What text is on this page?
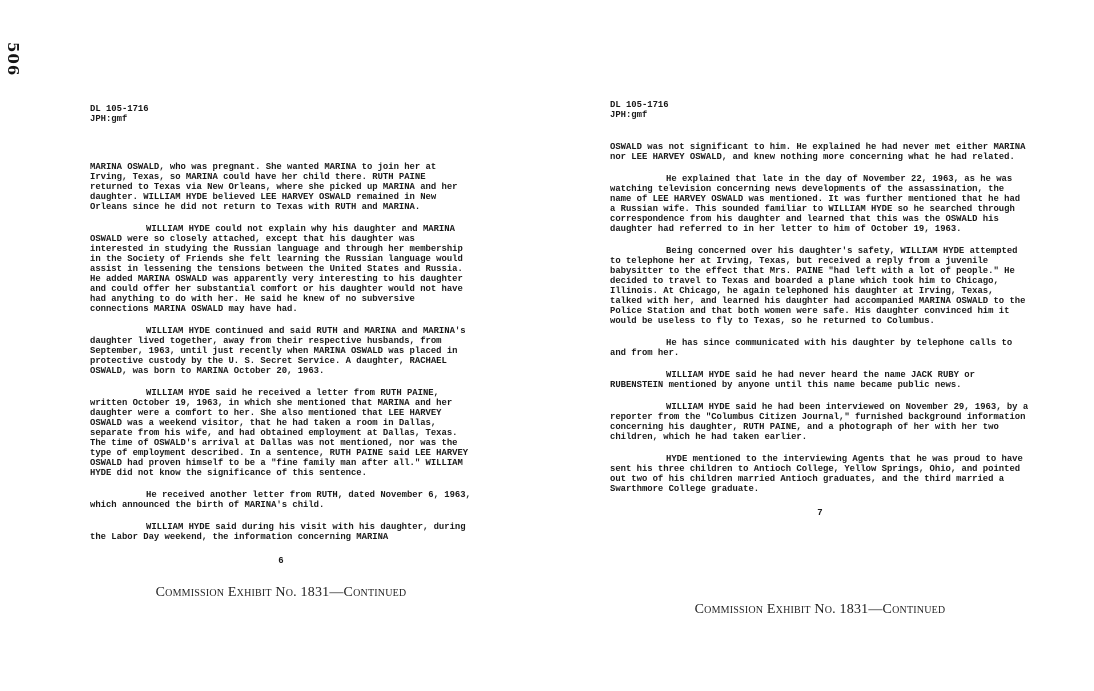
506
DL 105-1716
JPH:gmf

MARINA OSWALD, who was pregnant. She wanted MARINA to join her at Irving, Texas, so MARINA could have her child there. RUTH PAINE returned to Texas via New Orleans, where she picked up MARINA and her daughter. WILLIAM HYDE believed LEE HARVEY OSWALD remained in New Orleans since he did not return to Texas with RUTH and MARINA.

WILLIAM HYDE could not explain why his daughter and MARINA OSWALD were so closely attached, except that his daughter was interested in studying the Russian language and through her membership in the Society of Friends she felt learning the Russian language would assist in lessening the tensions between the United States and Russia. He added MARINA OSWALD was apparently very interesting to his daughter and could offer her substantial comfort or his daughter would not have had anything to do with her. He said he knew of no subversive connections MARINA OSWALD may have had.

WILLIAM HYDE continued and said RUTH and MARINA and MARINA's daughter lived together, away from their respective husbands, from September, 1963, until just recently when MARINA OSWALD was placed in protective custody by the U. S. Secret Service. A daughter, RACHAEL OSWALD, was born to MARINA October 20, 1963.

WILLIAM HYDE said he received a letter from RUTH PAINE, written October 19, 1963, in which she mentioned that MARINA and her daughter were a comfort to her. She also mentioned that LEE HARVEY OSWALD was a weekend visitor, that he had taken a room in Dallas, separate from his wife, and had obtained employment at Dallas, Texas. The time of OSWALD's arrival at Dallas was not mentioned, nor was the type of employment described. In a sentence, RUTH PAINE said LEE HARVEY OSWALD had proven himself to be a "fine family man after all." WILLIAM HYDE did not know the significance of this sentence.

He received another letter from RUTH, dated November 6, 1963, which announced the birth of MARINA's child.

WILLIAM HYDE said during his visit with his daughter, during the Labor Day weekend, the information concerning MARINA

6
Commission Exhibit No. 1831—Continued
DL 105-1716
JPH:gmf

OSWALD was not significant to him. He explained he had never met either MARINA nor LEE HARVEY OSWALD, and knew nothing more concerning what he had related.

He explained that late in the day of November 22, 1963, as he was watching television concerning news developments of the assassination, the name of LEE HARVEY OSWALD was mentioned. It was further mentioned that he had a Russian wife. This sounded familiar to WILLIAM HYDE so he searched through correspondence from his daughter and learned that this was the OSWALD his daughter had referred to in her letter to him of October 19, 1963.

Being concerned over his daughter's safety, WILLIAM HYDE attempted to telephone her at Irving, Texas, but received a reply from a juvenile babysitter to the effect that Mrs. PAINE "had left with a lot of people." He decided to travel to Texas and boarded a plane which took him to Chicago, Illinois. At Chicago, he again telephoned his daughter at Irving, Texas, talked with her, and learned his daughter had accompanied MARINA OSWALD to the Police Station and that both women were safe. His daughter convinced him it would be useless to fly to Texas, so he returned to Columbus.

He has since communicated with his daughter by telephone calls to and from her.

WILLIAM HYDE said he had never heard the name JACK RUBY or RUBENSTEIN mentioned by anyone until this name became public news.

WILLIAM HYDE said he had been interviewed on November 29, 1963, by a reporter from the "Columbus Citizen Journal," furnished background information concerning his daughter, RUTH PAINE, and a photograph of her with her two children, which he had taken earlier.

HYDE mentioned to the interviewing Agents that he was proud to have sent his three children to Antioch College, Yellow Springs, Ohio, and pointed out two of his children married Antioch graduates, and the third married a Swarthmore College graduate.

7
Commission Exhibit No. 1831—Continued
